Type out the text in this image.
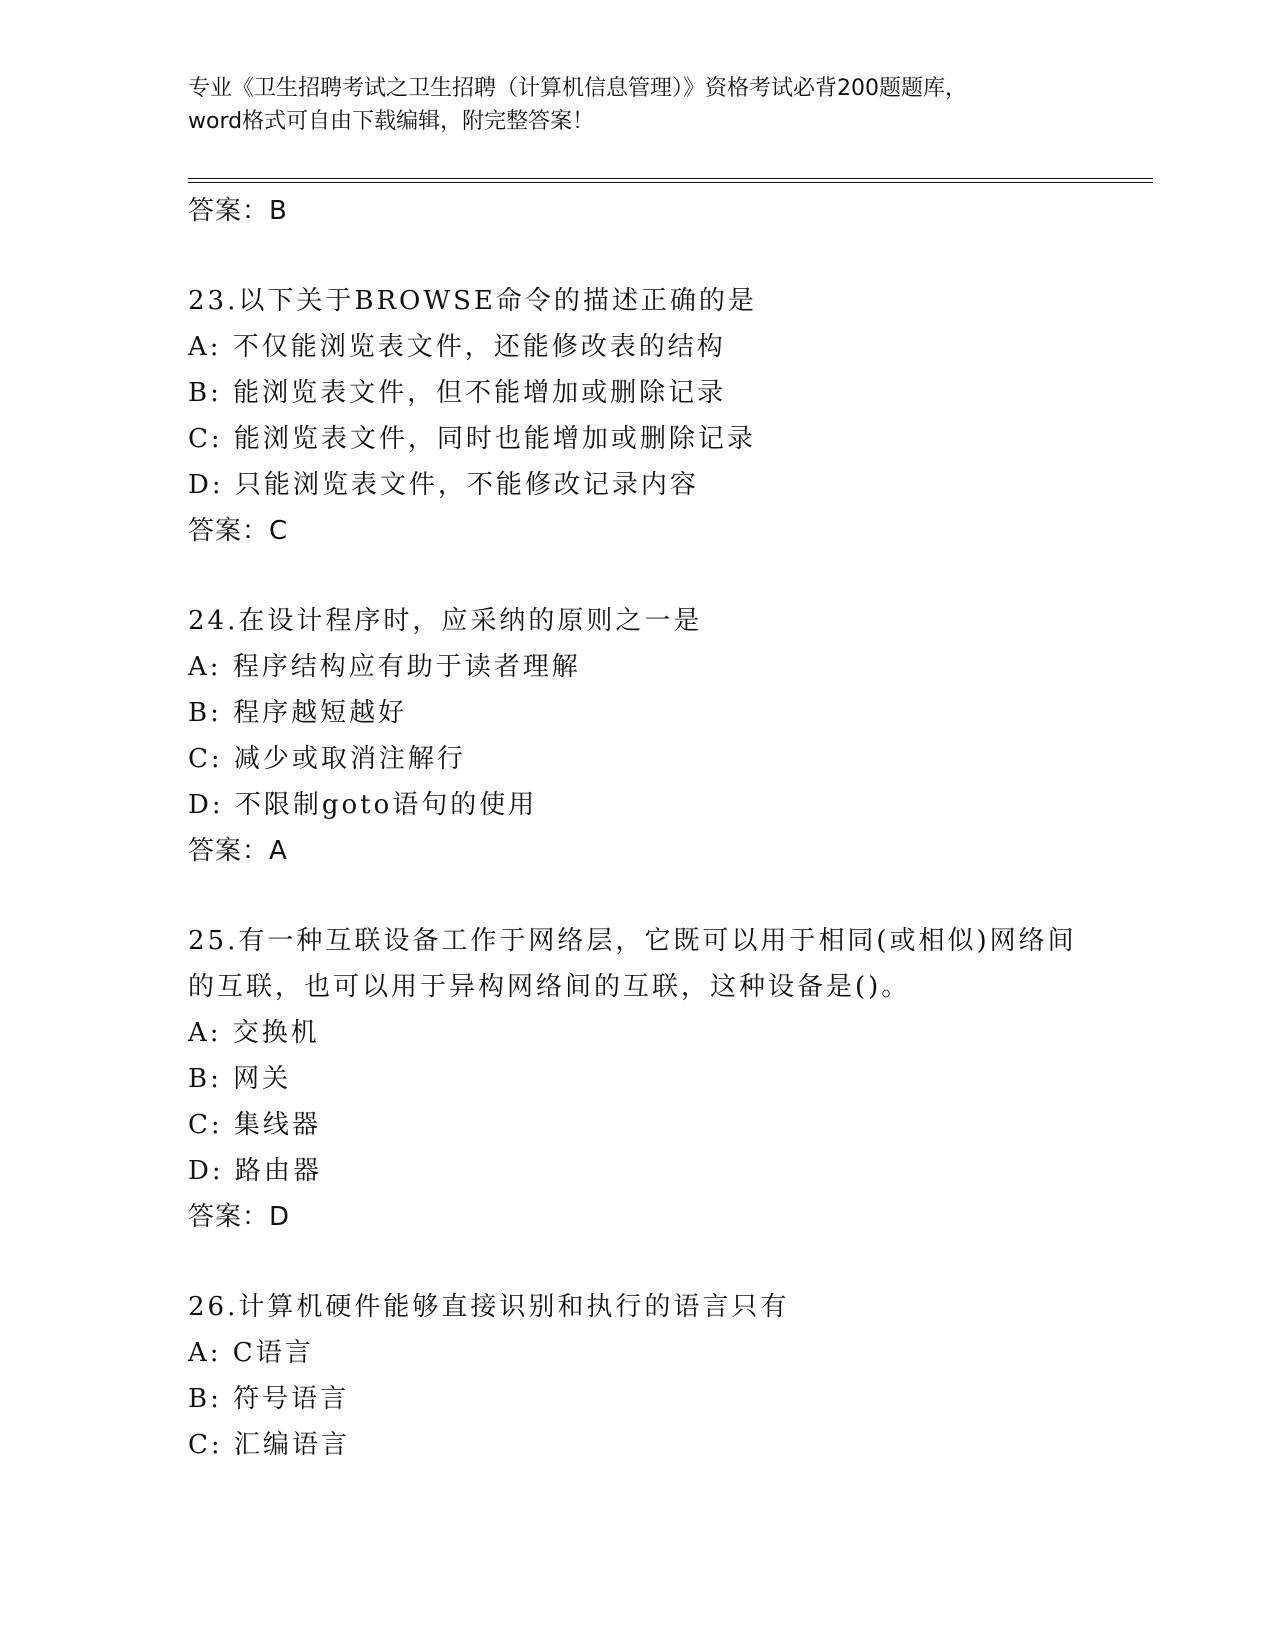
专业《卫生招聘考试之卫生招聘（计算机信息管理）》资格考试必背200题题库，
word格式可自由下载编辑，附完整答案！
答案：B
23.以下关于BROWSE命令的描述正确的是
A: 不仅能浏览表文件，还能修改表的结构
B: 能浏览表文件，但不能增加或删除记录
C: 能浏览表文件，同时也能增加或删除记录
D: 只能浏览表文件，不能修改记录内容
答案：C
24.在设计程序时，应采纳的原则之一是
A: 程序结构应有助于读者理解
B: 程序越短越好
C: 减少或取消注解行
D: 不限制goto语句的使用
答案：A
25.有一种互联设备工作于网络层，它既可以用于相同(或相似)网络间
的互联，也可以用于异构网络间的互联，这种设备是()。
A: 交换机
B: 网关
C: 集线器
D: 路由器
答案：D
26.计算机硬件能够直接识别和执行的语言只有
A: C语言
B: 符号语言
C: 汇编语言
